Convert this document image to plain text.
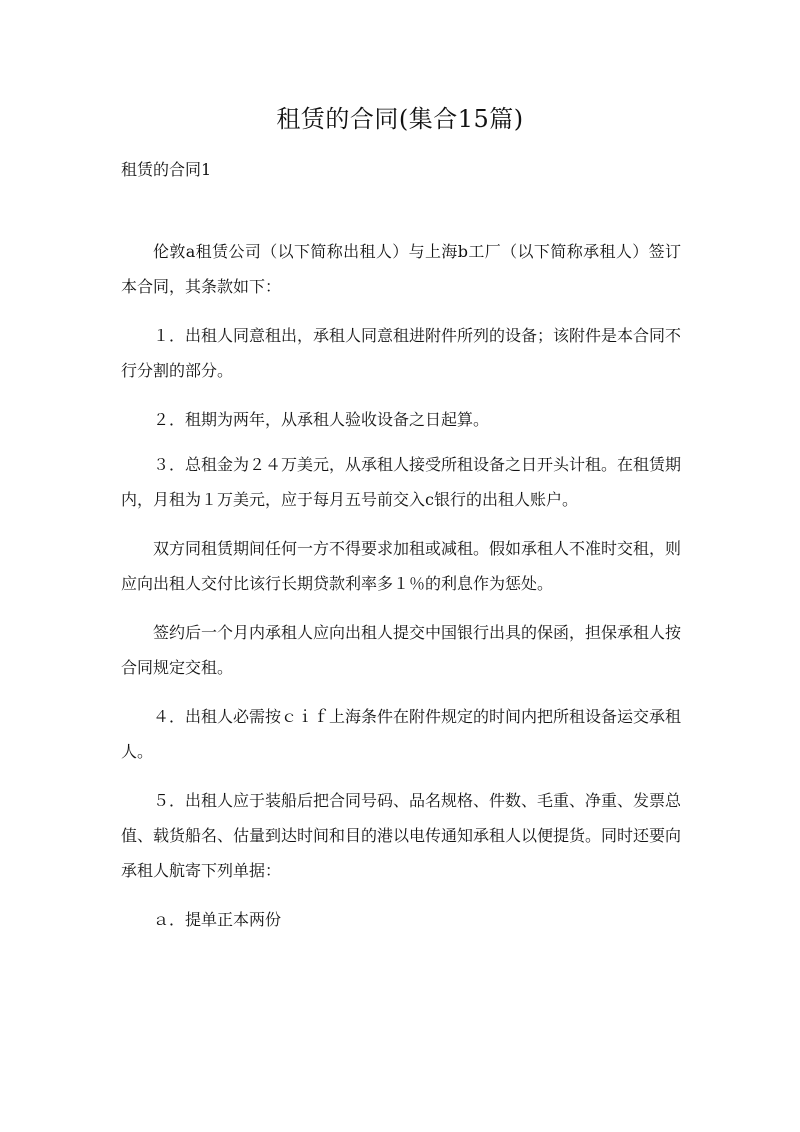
租赁的合同(集合15篇)
租赁的合同1

伦敦a租赁公司（以下简称出租人）与上海b工厂（以下简称承租人）签订本合同，其条款如下：

１．出租人同意租出，承租人同意租进附件所列的设备；该附件是本合同不行分割的部分。

２．租期为两年，从承租人验收设备之日起算。

３．总租金为２４万美元，从承租人接受所租设备之日开头计租。在租赁期内，月租为１万美元，应于每月五号前交入c银行的出租人账户。

双方同租赁期间任何一方不得要求加租或减租。假如承租人不准时交租，则应向出租人交付比该行长期贷款利率多１％的利息作为惩处。

签约后一个月内承租人应向出租人提交中国银行出具的保函，担保承租人按合同规定交租。

４．出租人必需按ｃｉｆ上海条件在附件规定的时间内把所租设备运交承租人。

５．出租人应于装船后把合同号码、品名规格、件数、毛重、净重、发票总值、载货船名、估量到达时间和目的港以电传通知承租人以便提货。同时还要向承租人航寄下列单据：

ａ．提单正本两份
